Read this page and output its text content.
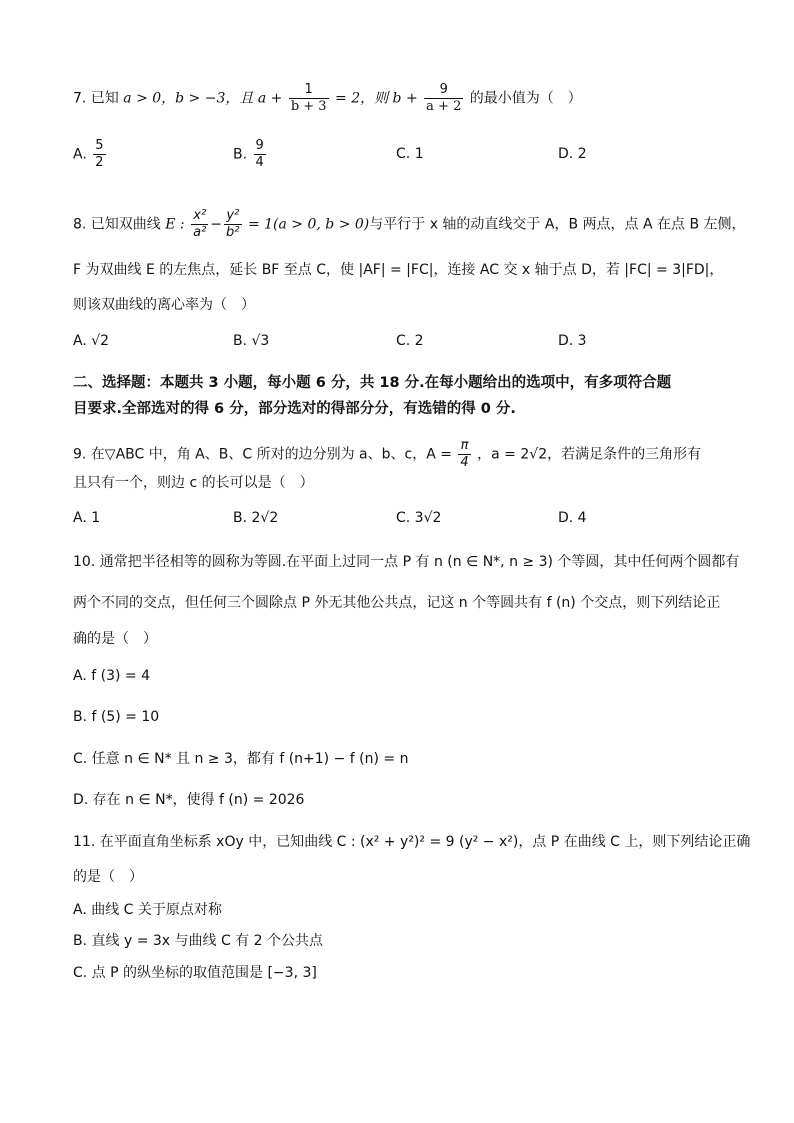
7. 已知 a > 0，b > −3，且 $a + \frac{1}{b + 3} = 2$，则 $b + \frac{9}{a + 2}$ 的最小值为（　）
A. $\frac{5}{2}$	B. $\frac{9}{4}$	C. 1	D. 2
8. 已知双曲线 E : $\frac{\text{x²}}{\text{a²}} - \frac{\text{y²}}{\text{b²}} = 1(a > 0$, b > 0)与平行于 x 轴的动直线交于 A，B 两点，点 A 在点 B 左侧，
F 为双曲线 E 的左焦点，延长 BF 至点 C，使 |AF| = |FC|，连接 AC 交 x 轴于点 D，若 |FC| = 3|FD|，
则该双曲线的离心率为（　）
A. √2	B. √3	C. 2	D. 3
二、选择题：本题共 3 小题，每小题 6 分，共 18 分.在每小题给出的选项中，有多项符合题
目要求.全部选对的得 6 分，部分选对的得部分分，有选错的得 0 分.
9. 在▽ABC 中，角 A、B、C 所对的边分别为 a、b、c，$A = \frac{\pi}{4}$ ，a = 2√2，若满足条件的三角形有
且只有一个，则边 c 的长可以是（　）
A. 1	B. 2√2	C. 3√2	D. 4
10. 通常把半径相等的圆称为等圆.在平面上过同一点 P 有 n (n ∈ N*, n ≥ 3) 个等圆，其中任何两个圆都有
两个不同的交点，但任何三个圆除点 P 外无其他公共点，记这 n 个等圆共有 f (n) 个交点，则下列结论正
确的是（　）
A. f (3) = 4
B. f (5) = 10
C. 任意 n ∈ N* 且 n ≥ 3，都有 f (n+1) − f (n) = n
D. 存在 n ∈ N*，使得 f (n) = 2026
11. 在平面直角坐标系 xOy 中，已知曲线 C : (x² + y²)² = 9 (y² − x²)，点 P 在曲线 C 上，则下列结论正确
的是（　）
A. 曲线 C 关于原点对称
B. 直线 y = 3x 与曲线 C 有 2 个公共点
C. 点 P 的纵坐标的取值范围是 [−3, 3]
